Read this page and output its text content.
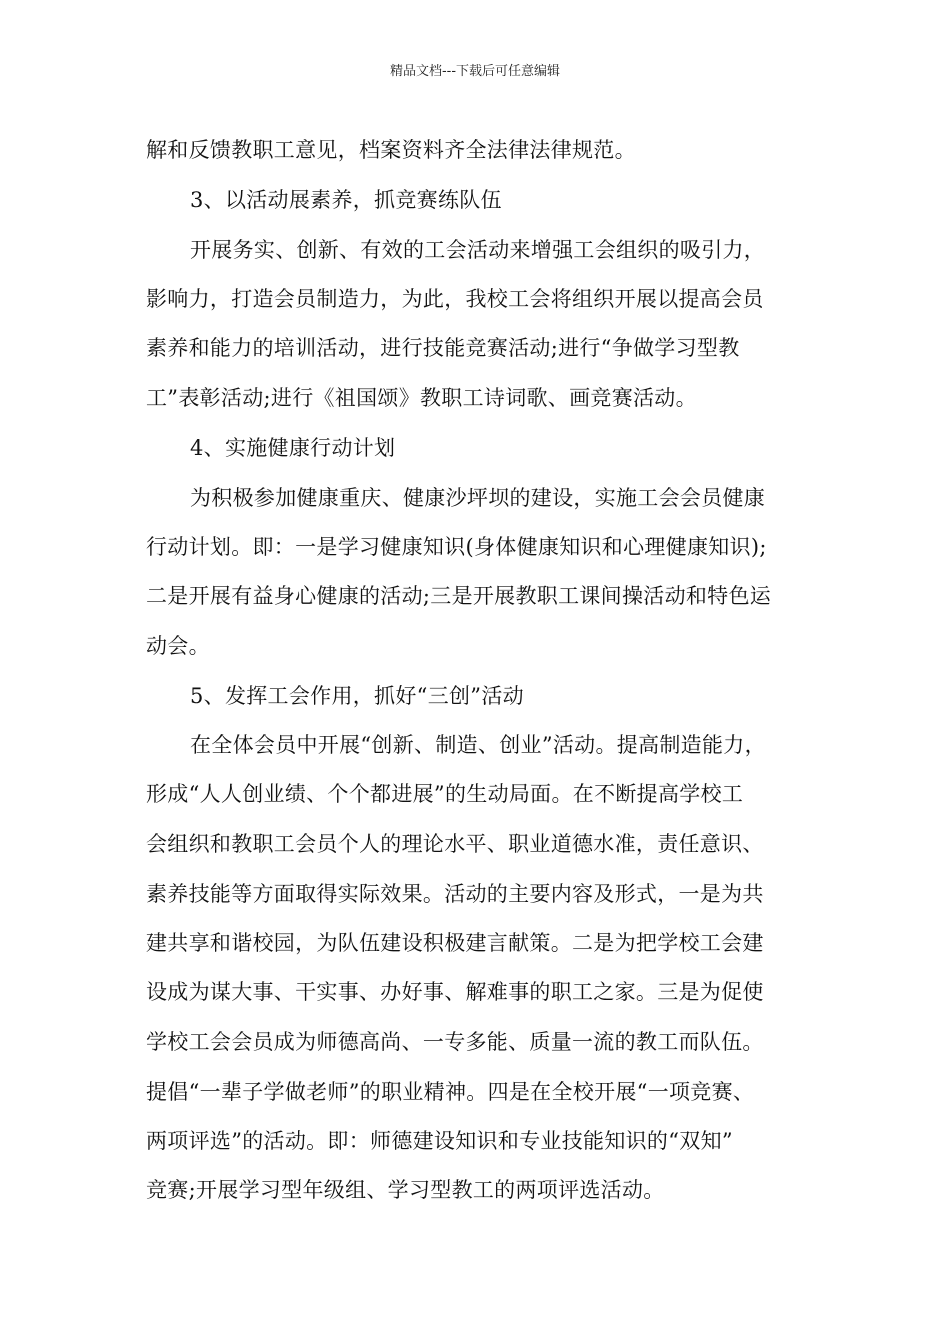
精品文档---下载后可任意编辑
解和反馈教职工意见，档案资料齐全法律法律规范。
3、以活动展素养，抓竞赛练队伍
开展务实、创新、有效的工会活动来增强工会组织的吸引力，
影响力，打造会员制造力，为此，我校工会将组织开展以提高会员
素养和能力的培训活动，进行技能竞赛活动;进行“争做学习型教
工”表彰活动;进行《祖国颂》教职工诗词歌、画竞赛活动。
4、实施健康行动计划
为积极参加健康重庆、健康沙坪坝的建设，实施工会会员健康
行动计划。即：一是学习健康知识(身体健康知识和心理健康知识);
二是开展有益身心健康的活动;三是开展教职工课间操活动和特色运
动会。
5、发挥工会作用，抓好“三创”活动
在全体会员中开展“创新、制造、创业”活动。提高制造能力，
形成“人人创业绩、个个都进展”的生动局面。在不断提高学校工
会组织和教职工会员个人的理论水平、职业道德水准，责任意识、
素养技能等方面取得实际效果。活动的主要内容及形式，一是为共
建共享和谐校园，为队伍建设积极建言献策。二是为把学校工会建
设成为谋大事、干实事、办好事、解难事的职工之家。三是为促使
学校工会会员成为师德高尚、一专多能、质量一流的教工而队伍。
提倡“一辈子学做老师”的职业精神。四是在全校开展“一项竞赛、
两项评选”的活动。即：师德建设知识和专业技能知识的“双知”
竞赛;开展学习型年级组、学习型教工的两项评选活动。
